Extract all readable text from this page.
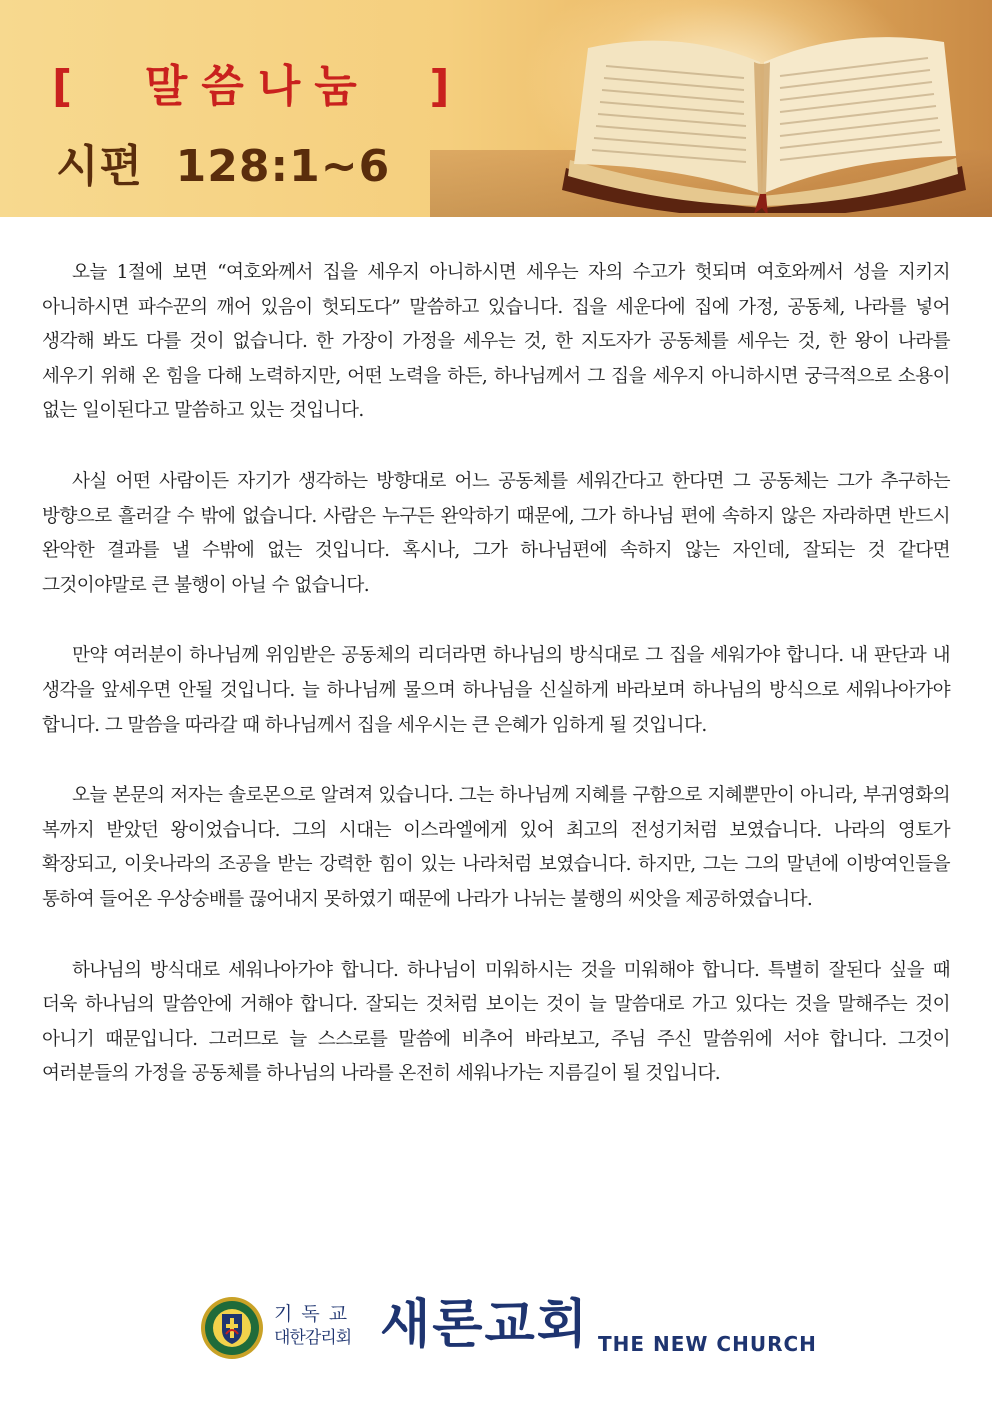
[  말씀나눔  ]
시편  128:1~6

오늘 1절에 보면 “여호와께서 집을 세우지 아니하시면 세우는 자의 수고가 헛되며 여호와께서 성을 지키지 아니하시면 파수꾼의 깨어 있음이 헛되도다” 말씀하고 있습니다. 집을 세운다에 집에 가정, 공동체, 나라를 넣어 생각해 봐도 다를 것이 없습니다. 한 가장이 가정을 세우는 것, 한 지도자가 공동체를 세우는 것, 한 왕이 나라를 세우기 위해 온 힘을 다해 노력하지만, 어떤 노력을 하든, 하나님께서 그 집을 세우지 아니하시면 궁극적으로 소용이 없는 일이된다고 말씀하고 있는 것입니다.

사실 어떤 사람이든 자기가 생각하는 방향대로 어느 공동체를 세워간다고 한다면 그 공동체는 그가 추구하는 방향으로 흘러갈 수 밖에 없습니다. 사람은 누구든 완악하기 때문에, 그가 하나님 편에 속하지 않은 자라하면 반드시 완악한 결과를 낼 수밖에 없는 것입니다. 혹시나, 그가 하나님편에 속하지 않는 자인데, 잘되는 것 같다면 그것이야말로 큰 불행이 아닐 수 없습니다.

만약 여러분이 하나님께 위임받은 공동체의 리더라면 하나님의 방식대로 그 집을 세워가야 합니다. 내 판단과 내 생각을 앞세우면 안될 것입니다. 늘 하나님께 물으며 하나님을 신실하게 바라보며 하나님의 방식으로 세워나아가야 합니다. 그 말씀을 따라갈 때 하나님께서 집을 세우시는 큰 은혜가 임하게 될 것입니다.

오늘 본문의 저자는 솔로몬으로 알려져 있습니다. 그는 하나님께 지혜를 구함으로 지혜뿐만이 아니라, 부귀영화의 복까지 받았던 왕이었습니다. 그의 시대는 이스라엘에게 있어 최고의 전성기처럼 보였습니다. 나라의 영토가 확장되고, 이웃나라의 조공을 받는 강력한 힘이 있는 나라처럼 보였습니다. 하지만, 그는 그의 말년에 이방여인들을 통하여 들어온 우상숭배를 끊어내지 못하였기 때문에 나라가 나뉘는 불행의 씨앗을 제공하였습니다.

하나님의 방식대로 세워나아가야 합니다. 하나님이 미워하시는 것을 미워해야 합니다. 특별히 잘된다 싶을 때 더욱 하나님의 말씀안에 거해야 합니다. 잘되는 것처럼 보이는 것이 늘 말씀대로 가고 있다는 것을 말해주는 것이 아니기 때문입니다. 그러므로 늘 스스로를 말씀에 비추어 바라보고, 주님 주신 말씀위에 서야 합니다. 그것이 여러분들의 가정을 공동체를 하나님의 나라를 온전히 세워나가는 지름길이 될 것입니다.

기독교
대한감리회 새론교회 THE NEW CHURCH
